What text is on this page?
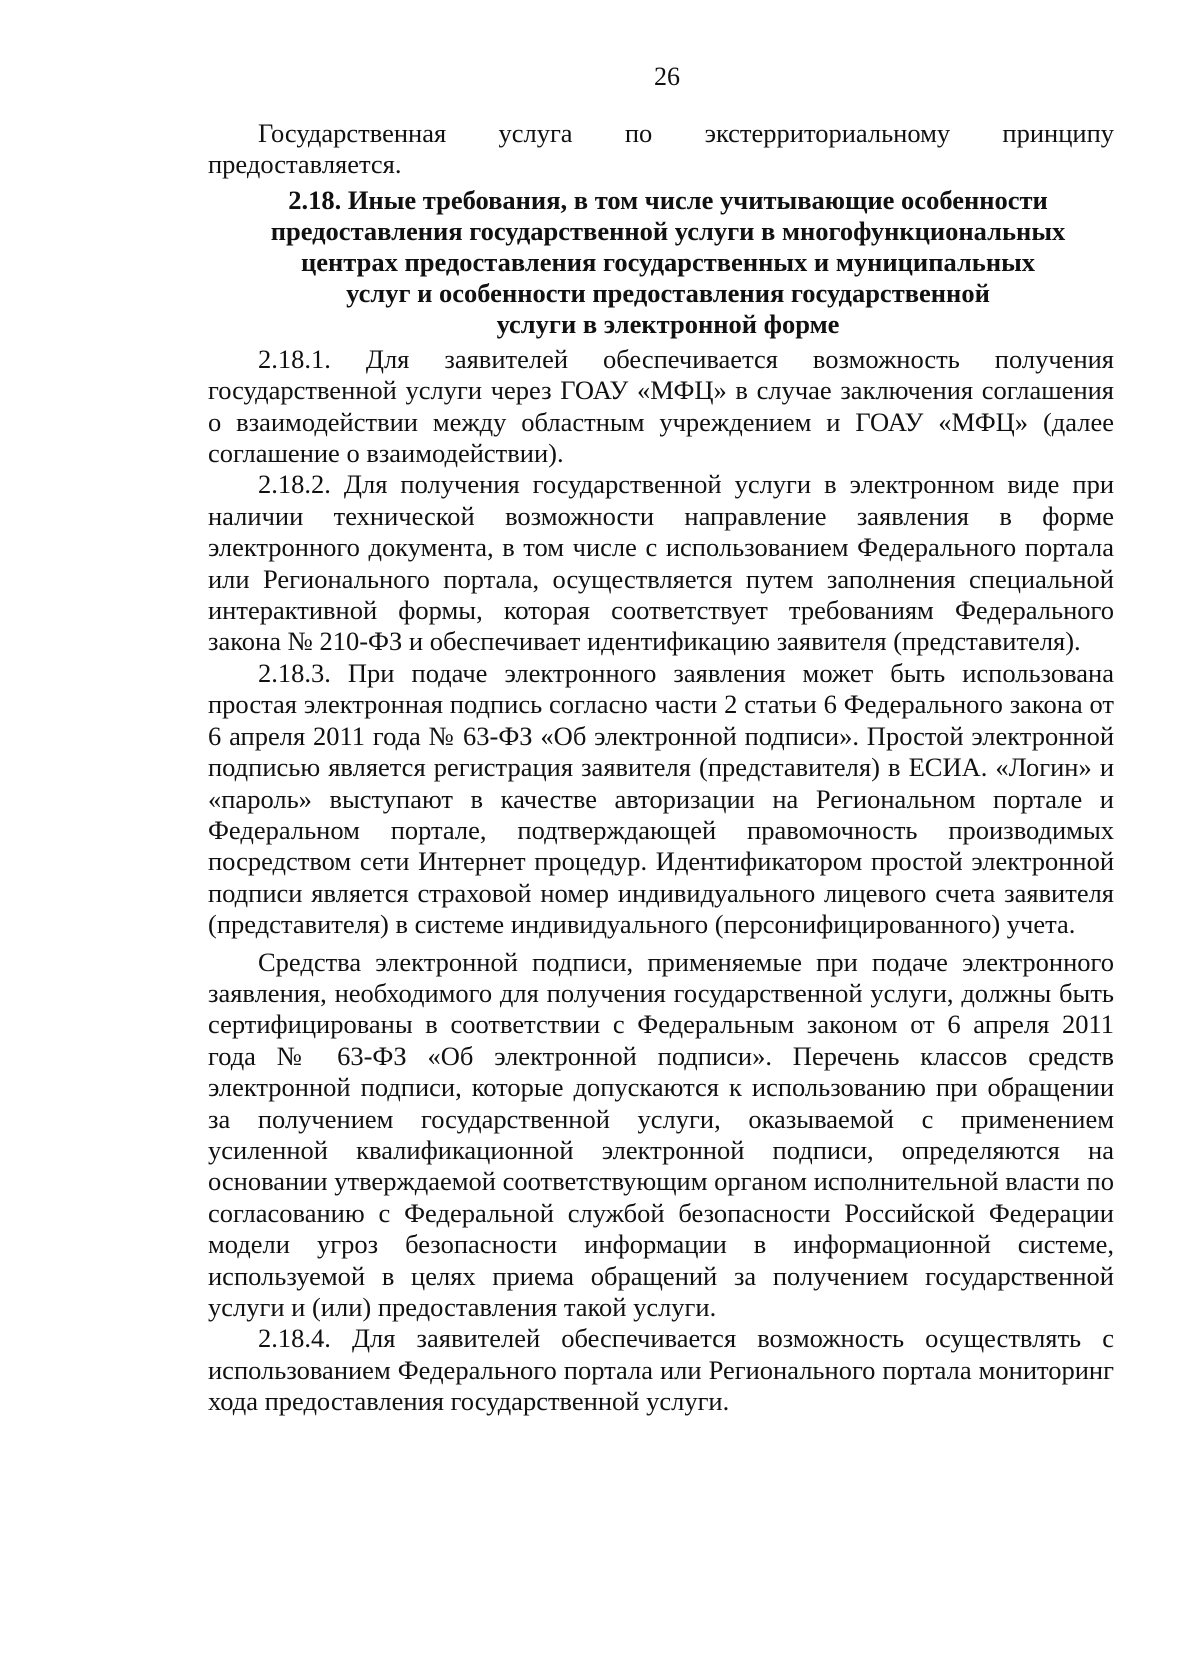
26

Государственная услуга по экстерриториальному принципу предоставляется.

2.18. Иные требования, в том числе учитывающие особенности
предоставления государственной услуги в многофункциональных
центрах предоставления государственных и муниципальных
услуг и особенности предоставления государственной
услуги в электронной форме

2.18.1. Для заявителей обеспечивается возможность получения государственной услуги через ГОАУ «МФЦ» в случае заключения соглашения о взаимодействии между областным учреждением и ГОАУ «МФЦ» (далее соглашение о взаимодействии).

2.18.2. Для получения государственной услуги в электронном виде при наличии технической возможности направление заявления в форме электронного документа, в том числе с использованием Федерального портала или Регионального портала, осуществляется путем заполнения специальной интерактивной формы, которая соответствует требованиям Федерального закона № 210-ФЗ и обеспечивает идентификацию заявителя (представителя).

2.18.3. При подаче электронного заявления может быть использована простая электронная подпись согласно части 2 статьи 6 Федерального закона от 6 апреля 2011 года № 63-ФЗ «Об электронной подписи». Простой электронной подписью является регистрация заявителя (представителя) в ЕСИА. «Логин» и «пароль» выступают в качестве авторизации на Региональном портале и Федеральном портале, подтверждающей правомочность производимых посредством сети Интернет процедур. Идентификатором простой электронной подписи является страховой номер индивидуального лицевого счета заявителя (представителя) в системе индивидуального (персонифицированного) учета.

Средства электронной подписи, применяемые при подаче электронного заявления, необходимого для получения государственной услуги, должны быть сертифицированы в соответствии с Федеральным законом от 6 апреля 2011 года № 63-ФЗ «Об электронной подписи». Перечень классов средств электронной подписи, которые допускаются к использованию при обращении за получением государственной услуги, оказываемой с применением усиленной квалификационной электронной подписи, определяются на основании утверждаемой соответствующим органом исполнительной власти по согласованию с Федеральной службой безопасности Российской Федерации модели угроз безопасности информации в информационной системе, используемой в целях приема обращений за получением государственной услуги и (или) предоставления такой услуги.

2.18.4. Для заявителей обеспечивается возможность осуществлять с использованием Федерального портала или Регионального портала мониторинг хода предоставления государственной услуги.
